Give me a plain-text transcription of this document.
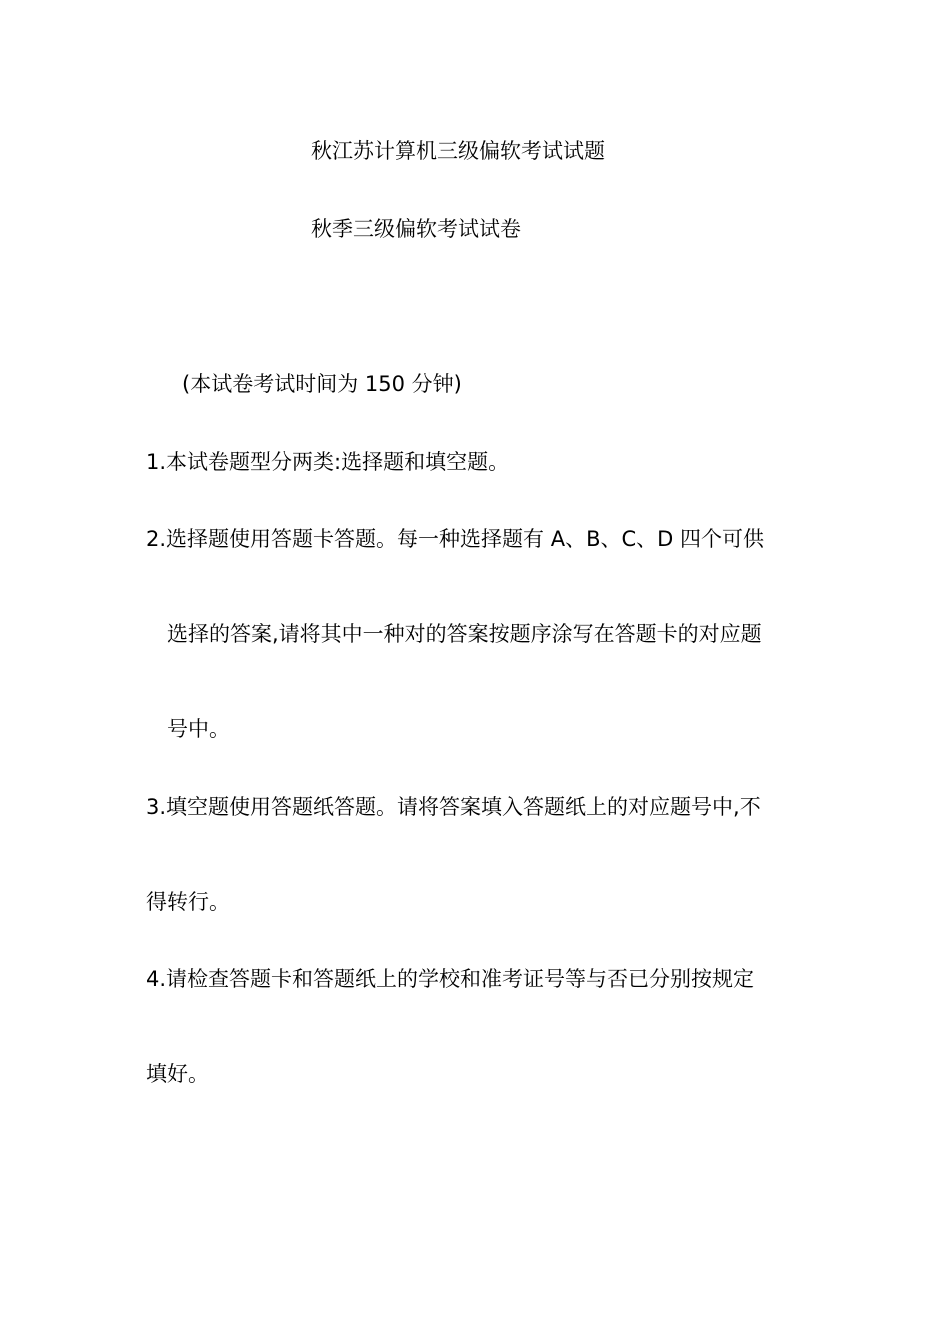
秋江苏计算机三级偏软考试试题
秋季三级偏软考试试卷
(本试卷考试时间为 150 分钟)
1.本试卷题型分两类:选择题和填空题。
2.选择题使用答题卡答题。每一种选择题有 A、B、C、D 四个可供
选择的答案,请将其中一种对的答案按题序涂写在答题卡的对应题
号中。
3.填空题使用答题纸答题。请将答案填入答题纸上的对应题号中,不
得转行。
4.请检查答题卡和答题纸上的学校和准考证号等与否已分别按规定
填好。
